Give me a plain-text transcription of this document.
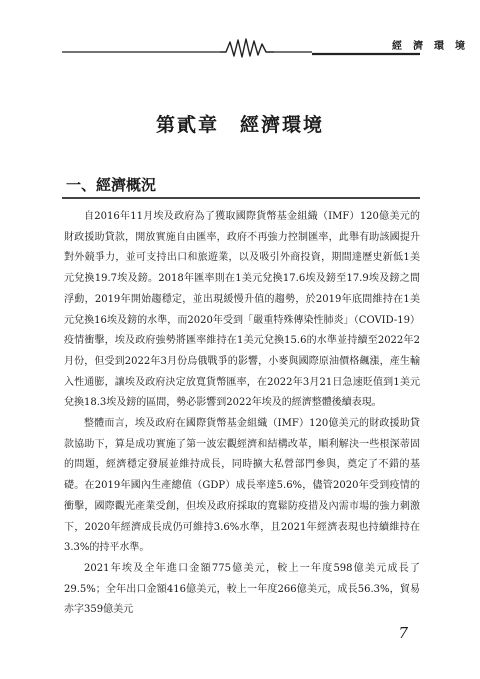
經濟環境
第貳章　經濟環境
一、經濟概況

自2016年11月埃及政府為了獲取國際貨幣基金組織（IMF）120億美元的財政援助貸款，開放實施自由匯率，政府不再強力控制匯率，此舉有助該國提升對外競爭力，並可支持出口和旅遊業，以及吸引外商投資，期間達歷史新低1美元兌換19.7埃及鎊。2018年匯率則在1美元兌換17.6埃及鎊至17.9埃及鎊之間浮動，2019年開始趨穩定，並出現緩慢升值的趨勢，於2019年底間維持在1美元兌換16埃及鎊的水準，而2020年受到「嚴重特殊傳染性肺炎」（COVID-19）疫情衝擊，埃及政府強勢將匯率維持在1美元兌換15.6的水準並持續至2022年2月份，但受到2022年3月份烏俄戰爭的影響，小麥與國際原油價格飆漲，產生輸入性通膨，讓埃及政府決定放寬貨幣匯率，在2022年3月21日急速貶值到1美元兌換18.3埃及鎊的區間，勢必影響到2022年埃及的經濟整體後續表現。

整體而言，埃及政府在國際貨幣基金組織（IMF）120億美元的財政援助貸款協助下，算是成功實施了第一波宏觀經濟和結構改革，順利解決一些根深蒂固的問題，經濟穩定發展並維持成長，同時擴大私營部門參與，奠定了不錯的基礎。在2019年國內生產總值（GDP）成長率達5.6%，儘管2020年受到疫情的衝擊，國際觀光產業受創，但埃及政府採取的寬鬆防疫措及內需市場的強力刺激下，2020年經濟成長成仍可維持3.6%水準，且2021年經濟表現也持續維持在3.3%的持平水準。

2021年埃及全年進口金額775億美元，較上一年度598億美元成長了29.5%；全年出口金額416億美元，較上一年度266億美元，成長56.3%，貿易赤字359億美元

7
